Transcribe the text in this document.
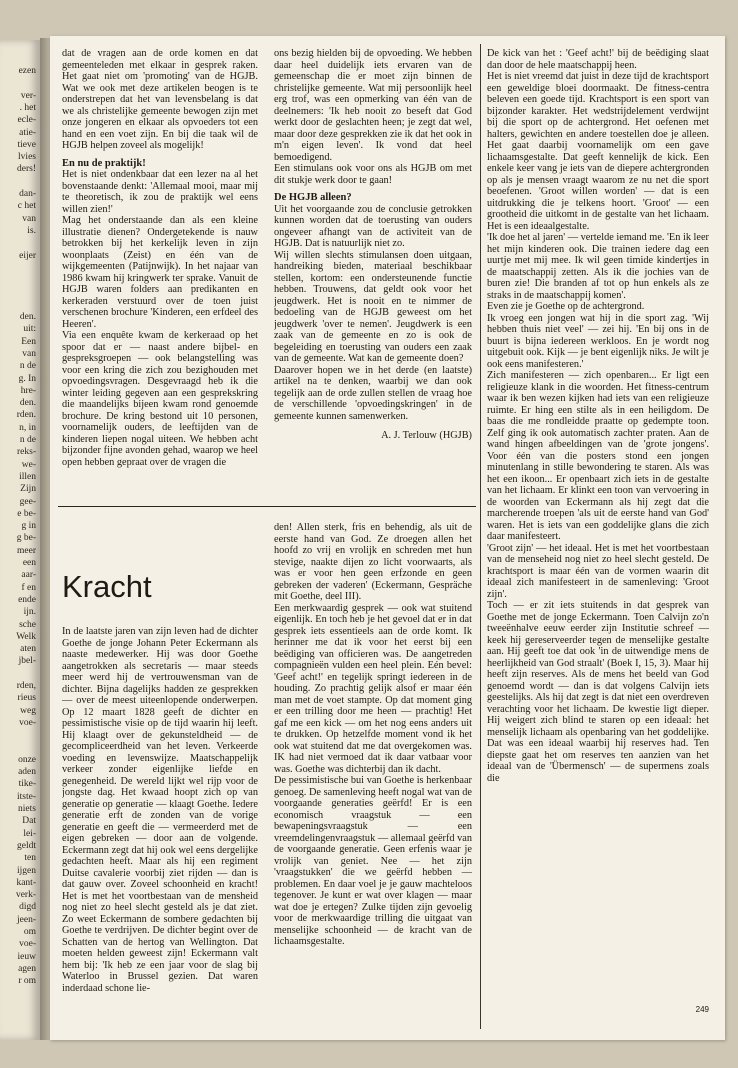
ezen
ver-
. het
ecle-
atie-
tieve
lvies
ders!
dan-
c het
van
is.
eijer
den.
uit:
Een
van
n de
g. In
hre-
den.
rden.
n, in
n de
reks-
we-
illen
Zijn
gee-
e be-
g in
g be-
meer
een
aar-
f en
ende
ijn.
sche
Welk
aten
jbel-
rden,
rieus
weg
voe-
onze
aden
tike-
itste-
niets
Dat
lei-
geldt
ten
ijgen
kant-
verk-
digd
jeen-
om
voe-
ieuw
agen
r om

dat de vragen aan de orde komen en dat gemeenteleden met elkaar in gesprek raken. Het gaat niet om 'promoting' van de HGJB. Wat we ook met deze artikelen beogen is te onderstrepen dat het van levensbelang is dat we als christelijke gemeente bewogen zijn met onze jongeren en elkaar als opvoeders tot een hand en een voet zijn. En bij die taak wil de HGJB helpen zoveel als mogelijk!

En nu de praktijk!

Het is niet ondenkbaar dat een lezer na al het bovenstaande denkt: 'Allemaal mooi, maar mij te theoretisch, ik zou de praktijk wel eens willen zien!'

Mag het onderstaande dan als een kleine illustratie dienen? Ondergetekende is nauw betrokken bij het kerkelijk leven in zijn woonplaats (Zeist) en één van de wijkgemeenten (Patijnwijk). In het najaar van 1986 kwam hij kringwerk ter sprake. Vanuit de HGJB waren folders aan predikanten en kerkeraden verstuurd over de toen juist verschenen brochure 'Kinderen, een erfdeel des Heeren'.

Via een enquête kwam de kerkeraad op het spoor dat er — naast andere bijbel- en gespreksgroepen — ook belangstelling was voor een kring die zich zou bezighouden met opvoedingsvragen. Desgevraagd heb ik die winter leiding gegeven aan een gesprekskring die maandelijks bijeen kwam rond genoemde brochure. De kring bestond uit 10 personen, voornamelijk ouders, de leeftijden van de kinderen liepen nogal uiteen. We hebben acht bijzonder fijne avonden gehad, waarop we heel open hebben gepraat over de vragen die

ons bezig hielden bij de opvoeding. We hebben daar heel duidelijk iets ervaren van de gemeenschap die er moet zijn binnen de christelijke gemeente. Wat mij persoonlijk heel erg trof, was een opmerking van één van de deelnemers: 'Ik heb nooit zo beseft dat God werkt door de geslachten heen; je zegt dat wel, maar door deze gesprekken zie ik dat het ook in m'n eigen leven'. Ik vond dat heel bemoedigend.

Een stimulans ook voor ons als HGJB om met dit stukje werk door te gaan!

De HGJB alleen?

Uit het voorgaande zou de conclusie getrokken kunnen worden dat de toerusting van ouders ongeveer afhangt van de activiteit van de HGJB. Dat is natuurlijk niet zo.

Wij willen slechts stimulansen doen uitgaan, handreiking bieden, materiaal beschikbaar stellen, kortom: een ondersteunende functie hebben. Trouwens, dat geldt ook voor het jeugdwerk. Het is nooit en te nimmer de bedoeling van de HGJB geweest om het jeugdwerk 'over te nemen'. Jeugdwerk is een zaak van de gemeente en zo is ook de begeleiding en toerusting van ouders een zaak van de gemeente. Wat kan de gemeente doen?

Daarover hopen we in het derde (en laatste) artikel na te denken, waarbij we dan ook tegelijk aan de orde zullen stellen de vraag hoe de verschillende 'opvoedingskringen' in de gemeente kunnen samenwerken.

A. J. Terlouw (HGJB)

Kracht

In de laatste jaren van zijn leven had de dichter Goethe de jonge Johann Peter Eckermann als naaste medewerker. Hij was door Goethe aangetrokken als secretaris — maar steeds meer werd hij de vertrouwensman van de dichter. Bijna dagelijks hadden ze gesprekken — over de meest uiteenlopende onderwerpen. Op 12 maart 1828 geeft de dichter en pessimistische visie op de tijd waarin hij leeft. Hij klaagt over de gekunsteldheid — de gecompliceerdheid van het leven. Verkeerde voeding en levenswijze. Maatschappelijk verkeer zonder eigenlijke liefde en genegenheid. De wereld lijkt wel rijp voor de jongste dag. Het kwaad hoopt zich op van generatie op generatie — klaagt Goethe. Iedere generatie erft de zonden van de vorige generatie en geeft die — vermeerderd met de eigen gebreken — door aan de volgende. Eckermann zegt dat hij ook wel eens dergelijke gedachten heeft. Maar als hij een regiment Duitse cavalerie voorbij ziet rijden — dan is dat gauw over. Zoveel schoonheid en kracht! Het is met het voortbestaan van de mensheid nog niet zo heel slecht gesteld als je dat ziet. Zo weet Eckermann de sombere gedachten bij Goethe te verdrijven. De dichter begint over de Schatten van de hertog van Wellington. Dat moeten helden geweest zijn! Eckermann valt hem bij: 'Ik heb ze een jaar voor de slag bij Waterloo in Brussel gezien. Dat waren inderdaad schone lie-

den! Allen sterk, fris en behendig, als uit de eerste hand van God. Ze droegen allen het hoofd zo vrij en vrolijk en schreden met hun stevige, naakte dijen zo licht voorwaarts, als was er voor hen geen erfzonde en geen gebreken der vaderen' (Eckermann, Gespräche mit Goethe, deel III).

Een merkwaardig gesprek — ook wat stuitend eigenlijk. En toch heb je het gevoel dat er in dat gesprek iets essentieels aan de orde komt. Ik herinner me dat ik voor het eerst bij een beëdiging van officieren was. De aangetreden compagnieën vulden een heel plein. Eén bevel: 'Geef acht!' en tegelijk springt iedereen in de houding. Zo prachtig gelijk alsof er maar één man met de voet stampte. Op dat moment ging er een trilling door me heen — prachtig! Het gaf me een kick — om het nog eens anders uit te drukken. Op hetzelfde moment vond ik het ook wat stuitend dat me dat overgekomen was. IK had niet vermoed dat ik daar vatbaar voor was. Goethe was dichterbij dan ik dacht.

De pessimistische bui van Goethe is herkenbaar genoeg. De samenleving heeft nogal wat van de voorgaande generaties geërfd! Er is een economisch vraagstuk — een bewapeningsvraagstuk — een vreemdelingenvraagstuk — allemaal geërfd van de voorgaande generatie. Geen erfenis waar je vrolijk van geniet. Nee — het zijn 'vraagstukken' die we geërfd hebben — problemen. En daar voel je je gauw machteloos tegenover. Je kunt er wat over klagen — maar wat doe je ertegen? Zulke tijden zijn gevoelig voor de merkwaardige trilling die uitgaat van menselijke schoonheid — de kracht van de lichaamsgestalte.

De kick van het : 'Geef acht!' bij de beëdiging slaat dan door de hele maatschappij heen.

Het is niet vreemd dat juist in deze tijd de krachtsport een geweldige bloei doormaakt. De fitness-centra beleven een goede tijd. Krachtsport is een sport van bijzonder karakter. Het wedstrijdelement verdwijnt bij die sport op de achtergrond. Het oefenen met halters, gewichten en andere toestellen doe je alleen. Het gaat daarbij voornamelijk om een gave lichaamsgestalte. Dat geeft kennelijk de kick. Een enkele keer vang je iets van de diepere achtergronden op als je mensen vraagt waarom ze nu net die sport beoefenen. 'Groot willen worden' — dat is een uitdrukking die je telkens hoort. 'Groot' — een grootheid die uitkomt in de gestalte van het lichaam. Het is een ideaalgestalte.

'Ik doe het al jaren' — vertelde iemand me. 'En ik leer het mijn kinderen ook. Die trainen iedere dag een uurtje met mij mee. Ik wil geen timide kindertjes in de maatschappij zetten. Als ik die jochies van de buren zie! Die branden af tot op hun enkels als ze straks in de maatschappij komen'.

Even zie je Goethe op de achtergrond.

Ik vroeg een jongen wat hij in die sport zag. 'Wij hebben thuis niet veel' — zei hij. 'En bij ons in de buurt is bijna iedereen werkloos. En je wordt nog uitgebuit ook. Kijk — je bent eigenlijk niks. Je wilt je ook eens manifesteren.'

Zich manifesteren — zich openbaren... Er ligt een religieuze klank in die woorden. Het fitness-centrum waar ik ben wezen kijken had iets van een religieuze ruimte. Er hing een stilte als in een heiligdom. De baas die me rondleidde praatte op gedempte toon. Zelf ging ik ook automatisch zachter praten. Aan de wand hingen afbeeldingen van de 'grote jongens'. Voor één van die posters stond een jongen minutenlang in stille bewondering te staren. Als was het een ikoon... Er openbaart zich iets in de gestalte van het lichaam. Er klinkt een toon van vervoering in de woorden van Eckermann als hij zegt dat die marcherende troepen 'als uit de eerste hand van God' waren. Het is iets van een goddelijke glans die zich daar manifesteert.

'Groot zijn' — het ideaal. Het is met het voortbestaan van de menseheid nog niet zo heel slecht gesteld. De krachtsport is maar één van de vormen waarin dit ideaal zich manifesteert in de samenleving: 'Groot zijn'.

Toch — er zit iets stuitends in dat gesprek van Goethe met de jonge Eckermann. Toen Calvijn zo'n tweeënhalve eeuw eerder zijn Institutie schreef — keek hij gereserveerder tegen de menselijke gestalte aan. Hij geeft toe dat ook 'in de uitwendige mens de heerlijkheid van God straalt' (Boek I, 15, 3). Maar hij heeft zijn reserves. Als de mens het beeld van God genoemd wordt — dan is dat volgens Calvijn iets geestelijks. Als hij dat zegt is dat niet een overdreven verachting voor het lichaam. De kwestie ligt dieper. Hij weigert zich blind te staren op een ideaal: het menselijk lichaam als openbaring van het goddelijke. Dat was een ideaal waarbij hij reserves had. Ten diepste gaat het om reserves ten aanzien van het ideaal van de 'Übermensch' — de supermens zoals die

249
